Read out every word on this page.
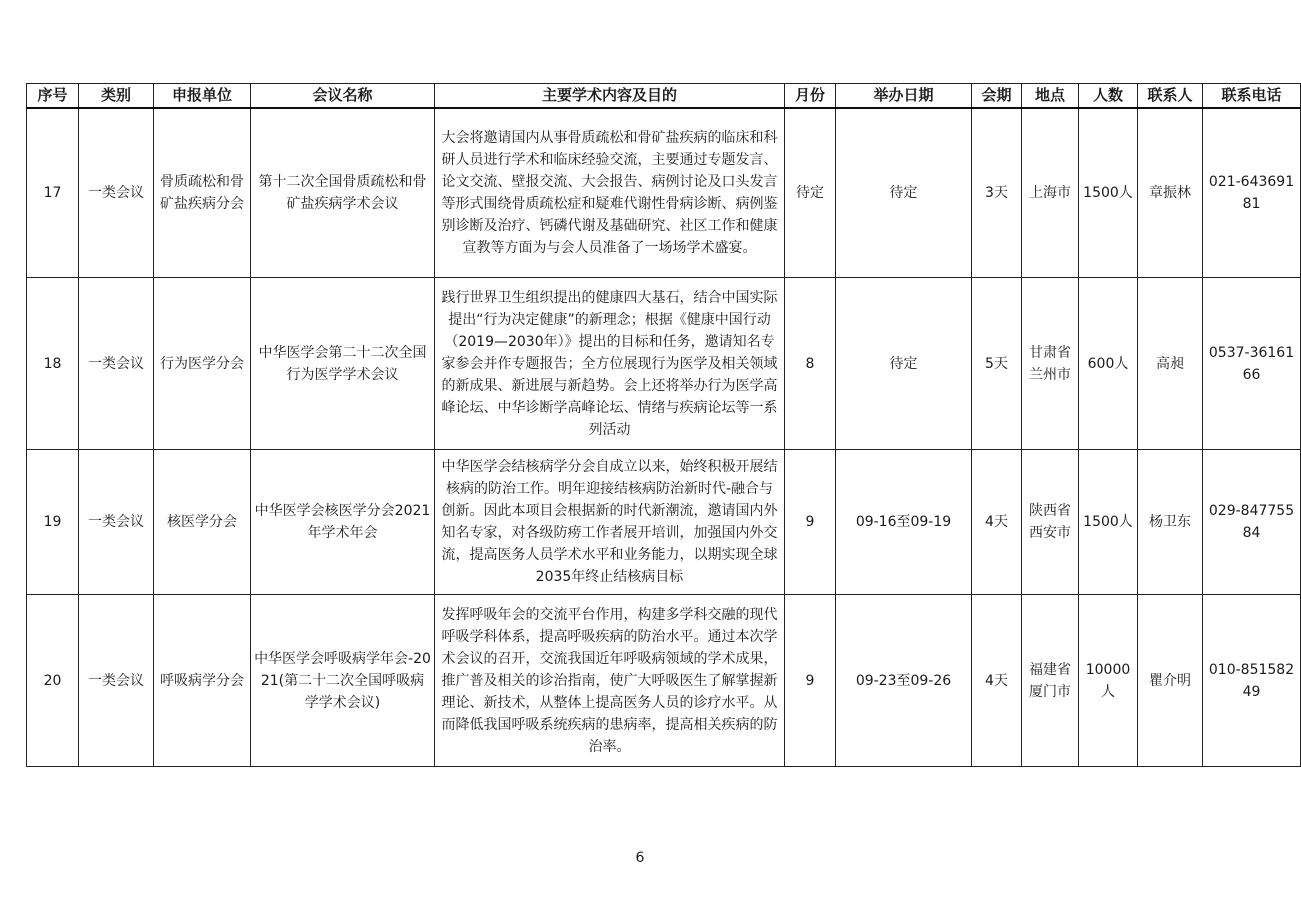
序号	类别	申报单位	会议名称	主要学术内容及目的	月份	举办日期	会期	地点	人数	联系人	联系电话
17	一类会议	骨质疏松和骨矿盐疾病分会	第十二次全国骨质疏松和骨矿盐疾病学术会议	大会将邀请国内从事骨质疏松和骨矿盐疾病的临床和科研人员进行学术和临床经验交流，主要通过专题发言、论文交流、壁报交流、大会报告、病例讨论及口头发言等形式围绕骨质疏松症和疑难代谢性骨病诊断、病例鉴别诊断及治疗、钙磷代谢及基础研究、社区工作和健康宣教等方面为与会人员准备了一场场学术盛宴。	待定	待定	3天	上海市	1500人	章振林	021-64369181
18	一类会议	行为医学分会	中华医学会第二十二次全国行为医学学术会议	践行世界卫生组织提出的健康四大基石，结合中国实际提出“行为决定健康”的新理念；根据《健康中国行动（2019—2030年）》提出的目标和任务，邀请知名专家参会并作专题报告；全方位展现行为医学及相关领域的新成果、新进展与新趋势。会上还将举办行为医学高峰论坛、中华诊断学高峰论坛、情绪与疾病论坛等一系列活动	8	待定	5天	甘肃省兰州市	600人	高昶	0537-3616166
19	一类会议	核医学分会	中华医学会核医学分会2021年学术年会	中华医学会结核病学分会自成立以来，始终积极开展结核病的防治工作。明年迎接结核病防治新时代-融合与创新。因此本项目会根据新的时代新潮流，邀请国内外知名专家，对各级防痨工作者展开培训，加强国内外交流，提高医务人员学术水平和业务能力，以期实现全球2035年终止结核病目标	9	09-16至09-19	4天	陕西省西安市	1500人	杨卫东	029-84775584
20	一类会议	呼吸病学分会	中华医学会呼吸病学年会-2021(第二十二次全国呼吸病学学术会议)	发挥呼吸年会的交流平台作用，构建多学科交融的现代呼吸学科体系，提高呼吸疾病的防治水平。通过本次学术会议的召开，交流我国近年呼吸病领域的学术成果，推广普及相关的诊治指南，使广大呼吸医生了解掌握新理论、新技术，从整体上提高医务人员的诊疗水平。从而降低我国呼吸系统疾病的患病率，提高相关疾病的防治率。	9	09-23至09-26	4天	福建省厦门市	10000人	瞿介明	010-85158249
6
